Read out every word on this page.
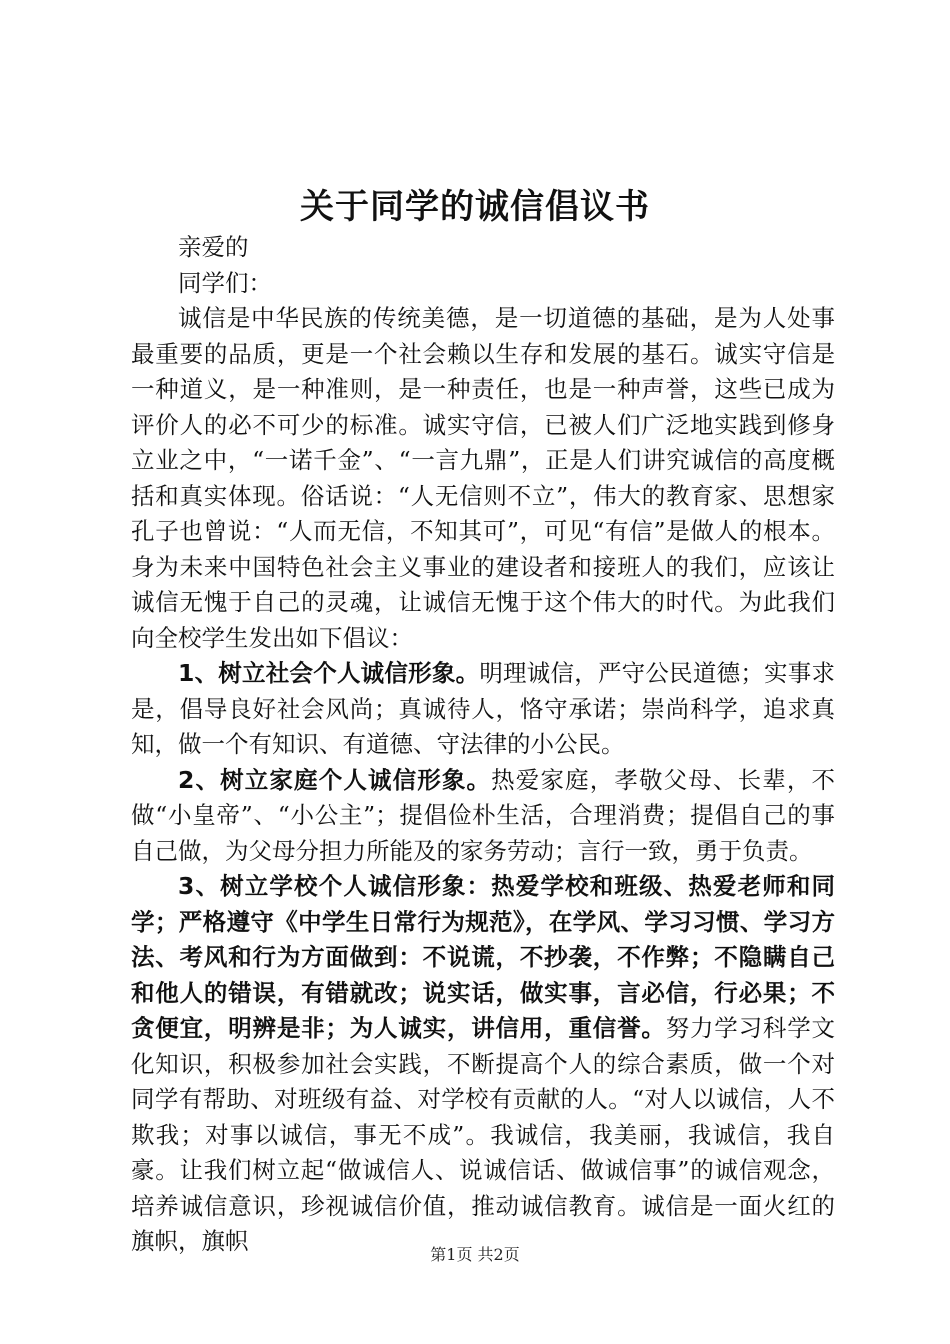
关于同学的诚信倡议书

亲爱的

同学们：

诚信是中华民族的传统美德，是一切道德的基础，是为人处事最重要的品质，更是一个社会赖以生存和发展的基石。诚实守信是一种道义，是一种准则，是一种责任，也是一种声誉，这些已成为评价人的必不可少的标准。诚实守信，已被人们广泛地实践到修身立业之中，“一诺千金”、“一言九鼎”，正是人们讲究诚信的高度概括和真实体现。俗话说：“人无信则不立”，伟大的教育家、思想家孔子也曾说：“人而无信，不知其可”，可见“有信”是做人的根本。身为未来中国特色社会主义事业的建设者和接班人的我们，应该让诚信无愧于自己的灵魂，让诚信无愧于这个伟大的时代。为此我们向全校学生发出如下倡议：

1、树立社会个人诚信形象。明理诚信，严守公民道德；实事求是，倡导良好社会风尚；真诚待人，恪守承诺；崇尚科学，追求真知，做一个有知识、有道德、守法律的小公民。

2、树立家庭个人诚信形象。热爱家庭，孝敬父母、长辈，不做“小皇帝”、“小公主”；提倡俭朴生活，合理消费；提倡自己的事自己做，为父母分担力所能及的家务劳动；言行一致，勇于负责。

3、树立学校个人诚信形象：热爱学校和班级、热爱老师和同学；严格遵守《中学生日常行为规范》，在学风、学习习惯、学习方法、考风和行为方面做到：不说谎，不抄袭，不作弊；不隐瞒自己和他人的错误，有错就改；说实话，做实事，言必信，行必果；不贪便宜，明辨是非；为人诚实，讲信用，重信誉。努力学习科学文化知识，积极参加社会实践，不断提高个人的综合素质，做一个对同学有帮助、对班级有益、对学校有贡献的人。“对人以诚信，人不欺我；对事以诚信，事无不成”。我诚信，我美丽，我诚信，我自豪。让我们树立起“做诚信人、说诚信话、做诚信事”的诚信观念，培养诚信意识，珍视诚信价值，推动诚信教育。诚信是一面火红的旗帜，旗帜	第1页 共2页
